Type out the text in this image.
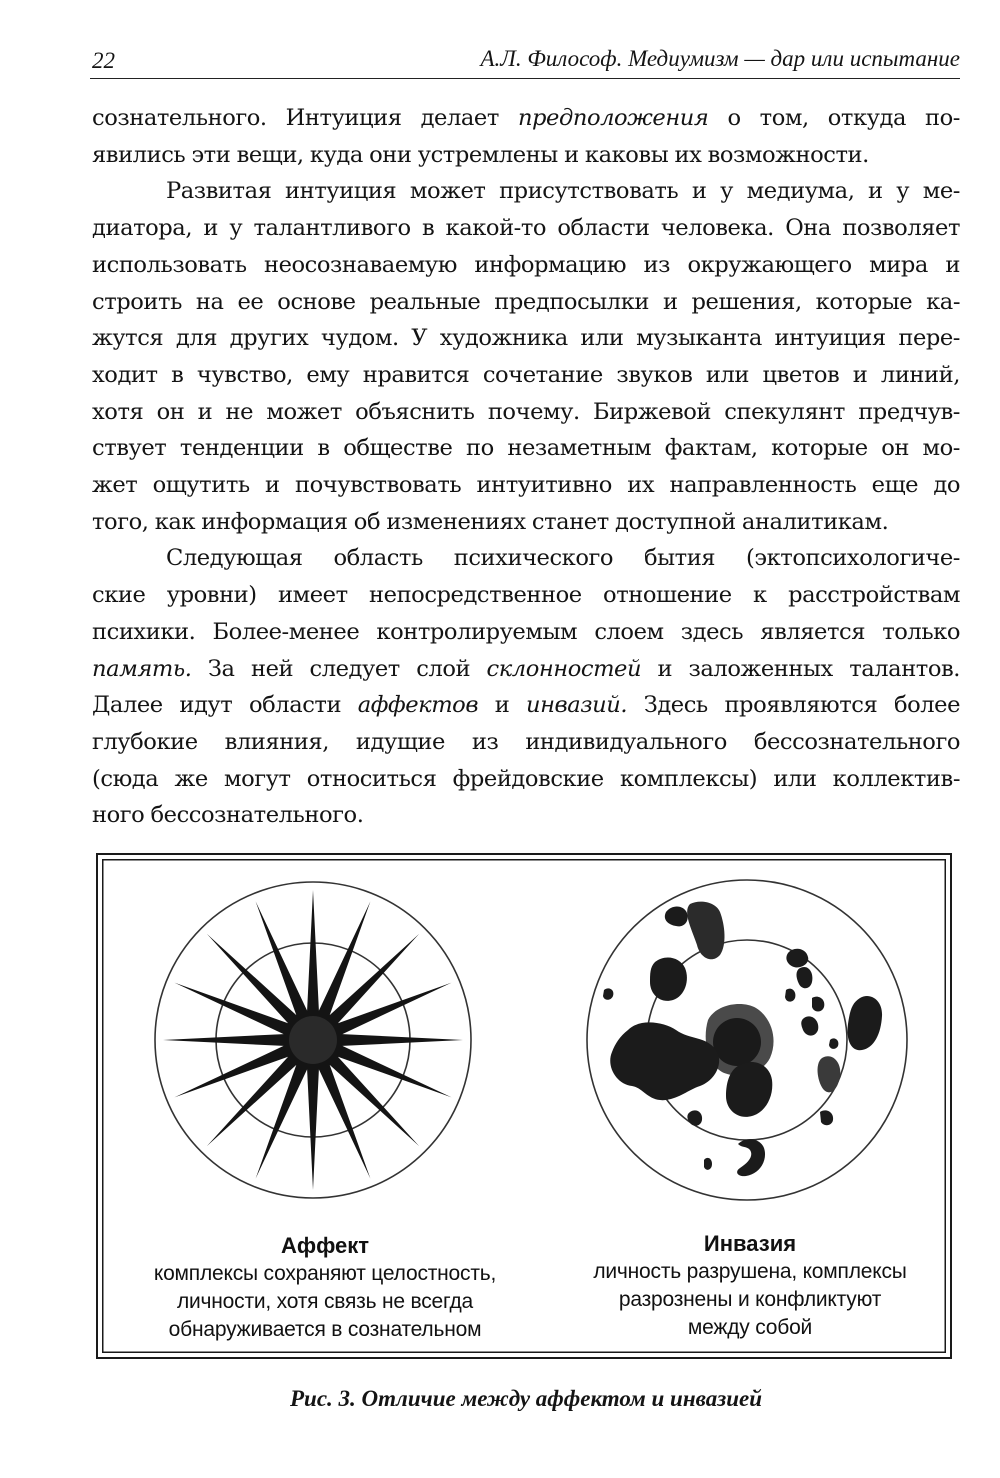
22	А.Л. Философ. Медиумизм — дар или испытание

сознательного. Интуиция делает предположения о том, откуда по-

явились эти вещи, куда они устремлены и каковы их возможности.

Развитая интуиция может присутствовать и у медиума, и у ме-

диатора, и у талантливого в какой-то области человека. Она позволяет

использовать неосознаваемую информацию из окружающего мира и

строить на ее основе реальные предпосылки и решения, которые ка-

жутся для других чудом. У художника или музыканта интуиция пере-

ходит в чувство, ему нравится сочетание звуков или цветов и линий,

хотя он и не может объяснить почему. Биржевой спекулянт предчув-

ствует тенденции в обществе по незаметным фактам, которые он мо-

жет ощутить и почувствовать интуитивно их направленность еще до

того, как информация об изменениях станет доступной аналитикам.

Следующая область психического бытия (эктопсихологиче-

ские уровни) имеет непосредственное отношение к расстройствам

психики. Более-менее контролируемым слоем здесь является только

память. За ней следует слой склонностей и заложенных талантов.

Далее идут области аффектов и инвазий. Здесь проявляются более

глубокие влияния, идущие из индивидуального бессознательного

(сюда же могут относиться фрейдовские комплексы) или коллектив-

ного бессознательного.

Аффект
комплексы сохраняют целостность,
личности, хотя связь не всегда
обнаруживается в сознательном
Инвазия
личность разрушена, комплексы
разрознены и конфликтуют
между собой
Рис. 3. Отличие между аффектом и инвазией
